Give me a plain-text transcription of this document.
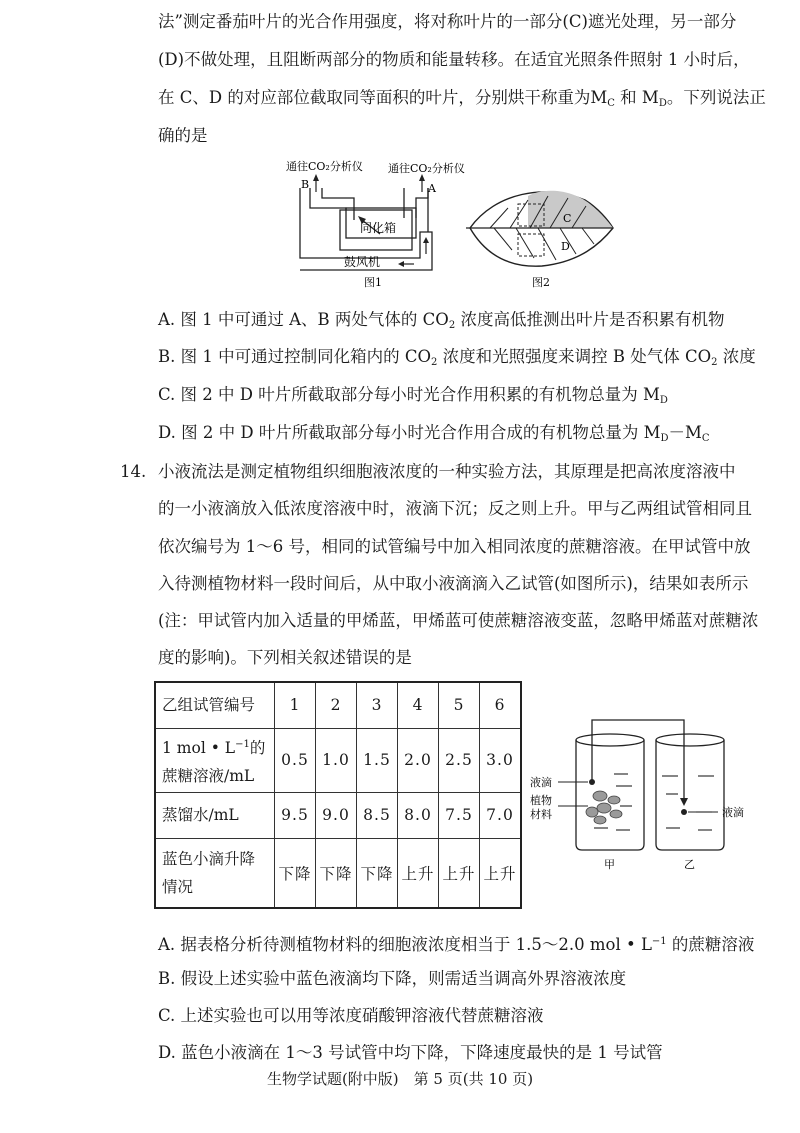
法”测定番茄叶片的光合作用强度，将对称叶片的一部分(C)遮光处理，另一部分
(D)不做处理，且阻断两部分的物质和能量转移。在适宜光照条件照射 1 小时后，
在 C、D 的对应部位截取同等面积的叶片，分别烘干称重为$M_C$ 和 $M_D$。下列说法正
确的是
通往CO₂分析仪 通往CO₂分析仪
B	A
同化箱
鼓风机
图1
C
D
图2
A. 图 1 中可通过 A、B 两处气体的 $CO_2$ 浓度高低推测出叶片是否积累有机物
B. 图 1 中可通过控制同化箱内的 $CO_2$ 浓度和光照强度来调控 B 处气体 $CO_2$ 浓度
C. 图 2 中 D 叶片所截取部分每小时光合作用积累的有机物总量为 $M_D$
D. 图 2 中 D 叶片所截取部分每小时光合作用合成的有机物总量为 $M_D-M_C$
14. 小液流法是测定植物组织细胞液浓度的一种实验方法，其原理是把高浓度溶液中
的一小液滴放入低浓度溶液中时，液滴下沉；反之则上升。甲与乙两组试管相同且
依次编号为 1～6 号，相同的试管编号中加入相同浓度的蔗糖溶液。在甲试管中放
入待测植物材料一段时间后，从中取小液滴滴入乙试管(如图所示)，结果如表所示
(注：甲试管内加入适量的甲烯蓝，甲烯蓝可使蔗糖溶液变蓝，忽略甲烯蓝对蔗糖浓
度的影响)。下列相关叙述错误的是
乙组试管编号	1	2	3	4	5	6
1 mol • $L^{-1}$的
蔗糖溶液/mL	0.5	1.0	1.5	2.0	2.5	3.0
蒸馏水/mL	9.5	9.0	8.5	8.0	7.5	7.0
蓝色小滴升降
情况	下降	下降	下降	上升	上升	上升
液滴
植物
材料	液滴
甲	乙
A. 据表格分析待测植物材料的细胞液浓度相当于 1.5～2.0 mol • $L^{-1}$ 的蔗糖溶液
B. 假设上述实验中蓝色液滴均下降，则需适当调高外界溶液浓度
C. 上述实验也可以用等浓度硝酸钾溶液代替蔗糖溶液
D. 蓝色小液滴在 1～3 号试管中均下降，下降速度最快的是 1 号试管
生物学试题(附中版)　第 5 页(共 10 页)
